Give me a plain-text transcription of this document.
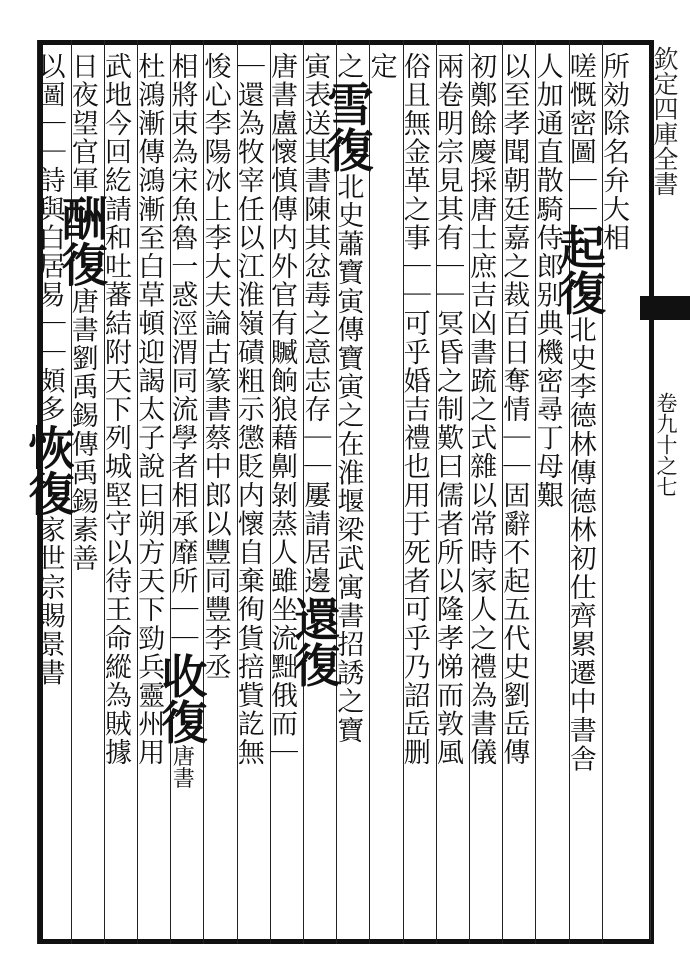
所効除名弁大相
嗟慨密圖｜｜起復北史李德林傳德林初仕齊累遷中書舎
人加通直散騎侍郎别典機密尋丁母艱
以至孝聞朝廷嘉之裁百日奪情｜｜固辭不起五代史劉岳傳
初鄭餘慶採唐士庶吉凶書䟽之式雜以常時家人之禮為書儀
兩卷明宗見其有｜｜冥昏之制歎曰儒者所以隆孝悌而敦風
俗且無金革之事｜｜可乎婚吉禮也用于死者可乎乃詔岳删
定
之雪復北史蕭寶寅傳寶寅之在淮堰梁武寓書招誘之寶
寅表送其書陳其忿毒之意志存｜｜屢請居邊還復
唐書盧懷慎傳内外官有贓餉狼藉劓剝蒸人雖坐流黜俄而｜
｜還為牧宰任以江淮嶺磧粗示懲貶内懷自棄徇貨掊貲訖無
悛心李陽冰上李大夫論古篆書蔡中郎以豐同豐李丞
相將束為宋魚魯一惑涇渭同流學者相承靡所｜｜收復唐書
杜鴻漸傳鴻漸至白草頓迎謁太子說曰朔方天下勁兵靈州用
武地今回紇請和吐蕃結附天下列城堅守以待王命縱為賊據
日夜望官軍酬復唐書劉禹錫傳禹錫素善
以圖｜｜詩與白居易｜｜頗多恢復家世宗賜景書
欽定四庫全書
卷九十之七
